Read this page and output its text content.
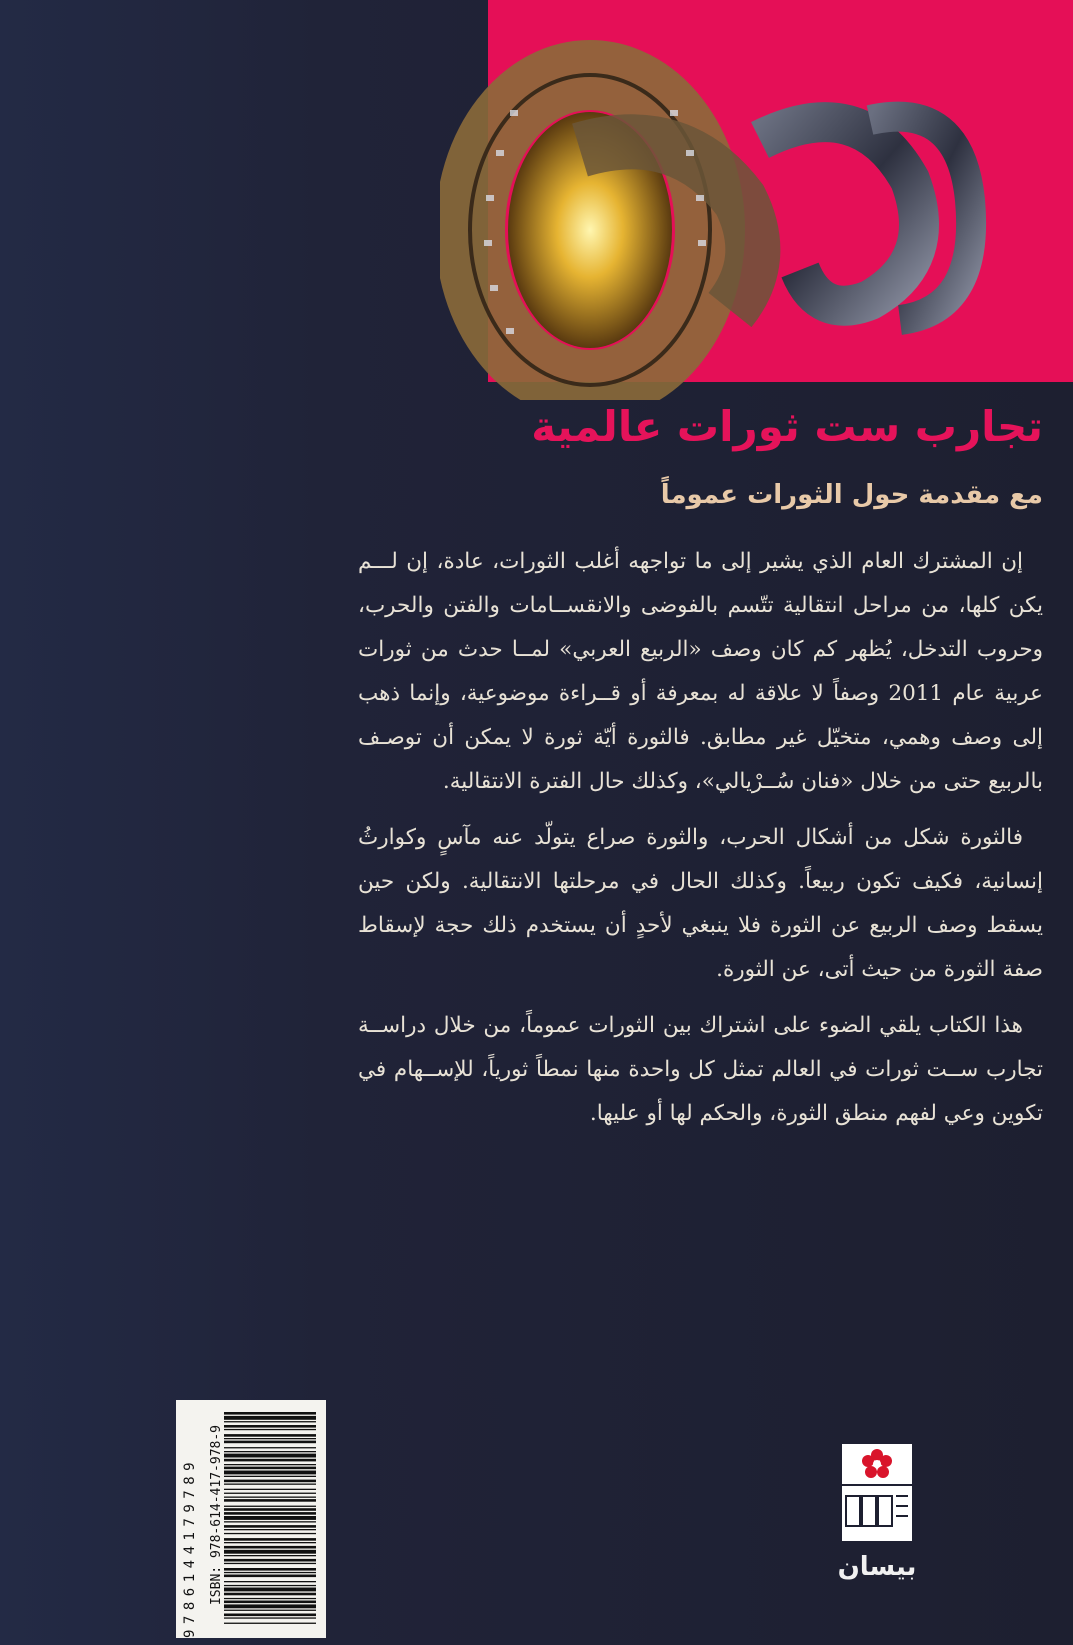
تجارب ست ثورات عالمية
مع مقدمة حول الثورات عموماً

إن المشترك العام الذي يشير إلى ما تواجهه أغلب الثورات، عادة، إن لـــم يكن كلها، من مراحل انتقالية تتّسم بالفوضى والانقســامات والفتن والحرب، وحروب التدخل، يُظهر كم كان وصف «الربيع العربي» لمــا حدث من ثورات عربية عام 2011 وصفاً لا علاقة له بمعرفة أو قــراءة موضوعية، وإنما ذهب إلى وصف وهمي، متخيّل غير مطابق. فالثورة أيّة ثورة لا يمكن أن توصـف بالربيع حتى من خلال «فنان سُــرْيالي»، وكذلك حال الفترة الانتقالية.

فالثورة شكل من أشكال الحرب، والثورة صراع يتولّد عنه مآسٍ وكوارثُ إنسانية، فكيف تكون ربيعاً. وكذلك الحال في مرحلتها الانتقالية. ولكن حين يسقط وصف الربيع عن الثورة فلا ينبغي لأحدٍ أن يستخدم ذلك حجة لإسقاط صفة الثورة من حيث أتى، عن الثورة.

هذا الكتاب يلقي الضوء على اشتراك بين الثورات عموماً، من خلال دراســة تجارب ســت ثورات في العالم تمثل كل واحدة منها نمطاً ثورياً، للإســهام في تكوين وعي لفهم منطق الثورة، والحكم لها أو عليها.

ISBN: 978-614-417-978-9
9786144179789	بيسان
